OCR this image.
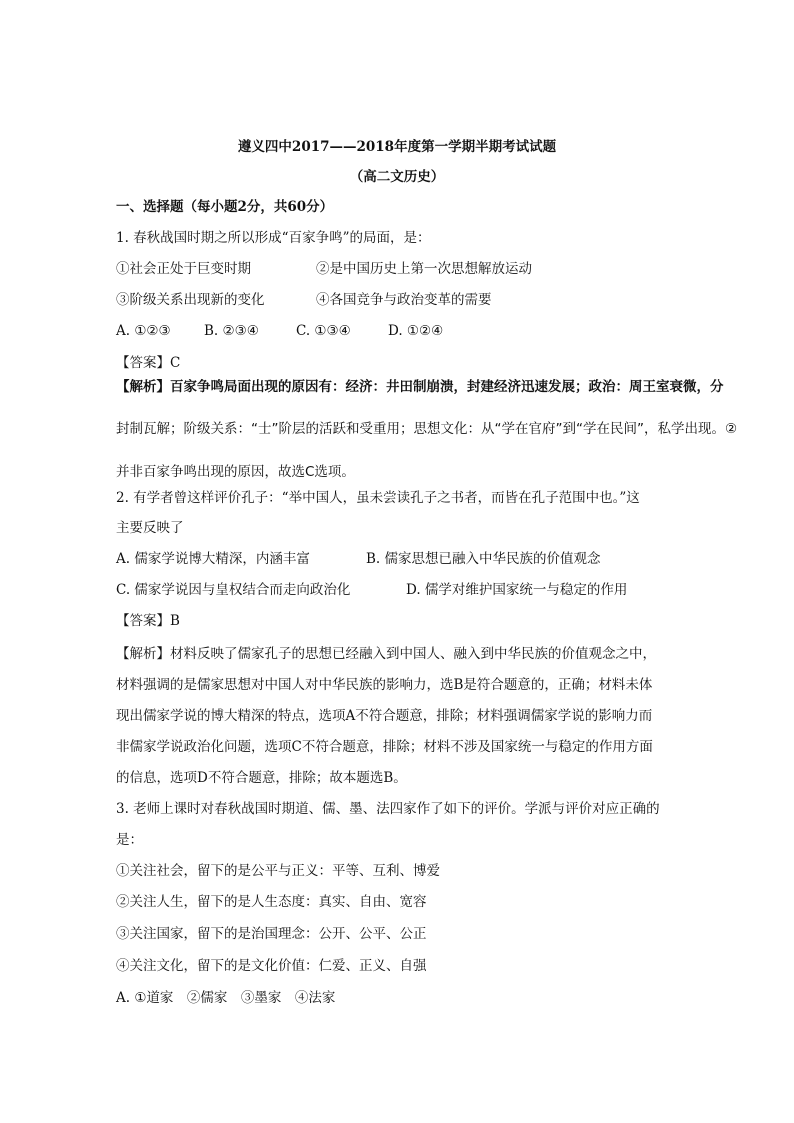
遵义四中2017——2018年度第一学期半期考试试题
（高二文历史）
一、选择题（每小题2分，共60分）
1. 春秋战国时期之所以形成“百家争鸣”的局面，是：
①社会正处于巨变时期	②是中国历史上第一次思想解放运动
③阶级关系出现新的变化	④各国竞争与政治变革的需要
A. ①②③ B. ②③④	C. ①③④	D. ①②④
【答案】C
【解析】百家争鸣局面出现的原因有：经济：井田制崩溃，封建经济迅速发展；政治：周王室衰微，分
封制瓦解；阶级关系：“士”阶层的活跃和受重用；思想文化：从“学在官府”到“学在民间”，私学出现。②
并非百家争鸣出现的原因，故选C选项。
2. 有学者曾这样评价孔子：“举中国人，虽未尝读孔子之书者，而皆在孔子范围中也。”这
主要反映了
A. 儒家学说博大精深，内涵丰富	B. 儒家思想已融入中华民族的价值观念
C. 儒家学说因与皇权结合而走向政治化	D. 儒学对维护国家统一与稳定的作用
【答案】B
【解析】材料反映了儒家孔子的思想已经融入到中国人、融入到中华民族的价值观念之中，
材料强调的是儒家思想对中国人对中华民族的影响力，选B是符合题意的，正确；材料未体
现出儒家学说的博大精深的特点，选项A不符合题意，排除；材料强调儒家学说的影响力而
非儒家学说政治化问题，选项C不符合题意，排除；材料不涉及国家统一与稳定的作用方面
的信息，选项D不符合题意，排除；故本题选B。
3. 老师上课时对春秋战国时期道、儒、墨、法四家作了如下的评价。学派与评价对应正确的
是：
①关注社会，留下的是公平与正义：平等、互利、博爱
②关注人生，留下的是人生态度：真实、自由、宽容
③关注国家，留下的是治国理念：公开、公平、公正
④关注文化，留下的是文化价值：仁爱、正义、自强
A. ①道家　②儒家　③墨家　④法家
